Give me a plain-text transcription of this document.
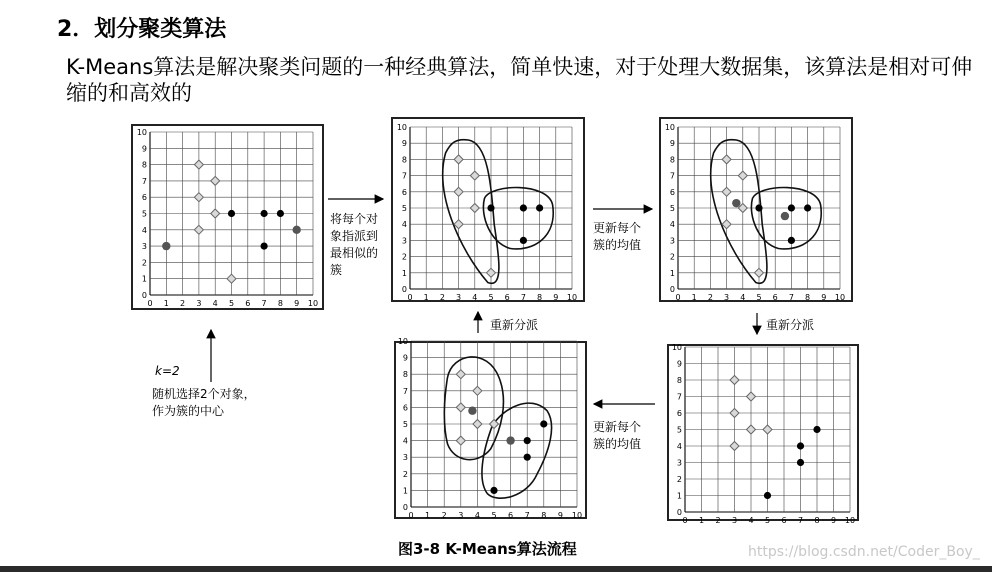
2．划分聚类算法
K-Means算法是解决聚类问题的一种经典算法，简单快速，对于处理大数据集，该算法是相对可伸缩的和高效的
0
0
1
1
2
2
3
3
4
4
5
5
6
6
7
7
8
8
9
9
10
10
0
0
1
1
2
2
3
3
4
4
5
5
6
6
7
7
8
8
9
9
10
10
0
0
1
1
2
2
3
3
4
4
5
5
6
6
7
7
8
8
9
9
10
10
0
0
1
1
2
2
3
3
4
4
5
5
6
6
7
7
8
8
9
9
10
10
0
0
1
1
2
2
3
3
4
4
5
5
6
6
7
7
8
8
9
9
10
10
将每个对
象指派到
最相似的
簇
更新每个
簇的均值
重新分派
更新每个
簇的均值
重新分派
k=2
随机选择2个对象，
作为簇的中心
图3-8 K-Means算法流程	https://blog.csdn.net/Coder_Boy_
